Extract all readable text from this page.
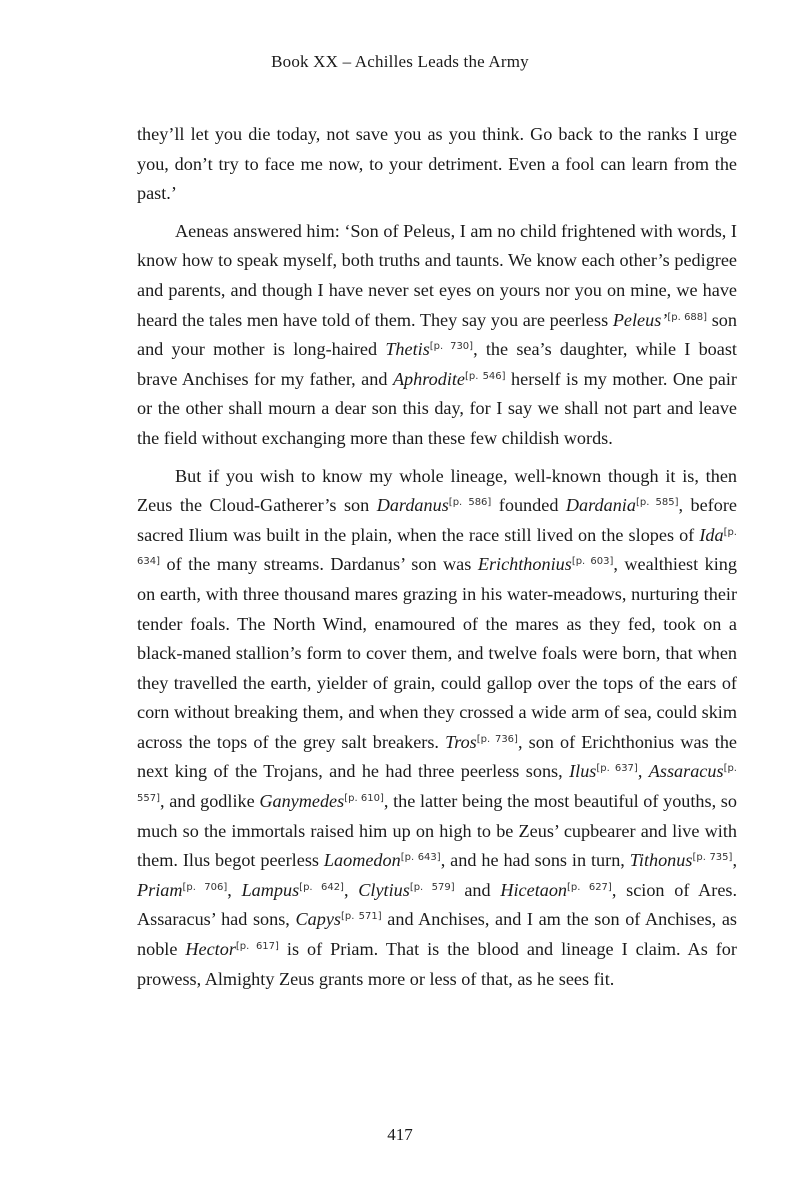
Book XX – Achilles Leads the Army

they’ll let you die today, not save you as you think. Go back to the ranks I urge you, don’t try to face me now, to your detriment. Even a fool can learn from the past.’

Aeneas answered him: ‘Son of Peleus, I am no child frightened with words, I know how to speak myself, both truths and taunts. We know each other’s pedigree and parents, and though I have never set eyes on yours nor you on mine, we have heard the tales men have told of them. They say you are peerless Peleus’[p. 688] son and your mother is long-haired Thetis[p. 730], the sea’s daughter, while I boast brave Anchises for my father, and Aphrodite[p. 546] herself is my mother. One pair or the other shall mourn a dear son this day, for I say we shall not part and leave the field without exchanging more than these few childish words.

But if you wish to know my whole lineage, well-known though it is, then Zeus the Cloud-Gatherer’s son Dardanus[p. 586] founded Dardania[p. 585], before sacred Ilium was built in the plain, when the race still lived on the slopes of Ida[p. 634] of the many streams. Dardanus’ son was Erichthonius[p. 603], wealthiest king on earth, with three thousand mares grazing in his water-meadows, nurturing their tender foals. The North Wind, enamoured of the mares as they fed, took on a black-maned stallion’s form to cover them, and twelve foals were born, that when they travelled the earth, yielder of grain, could gallop over the tops of the ears of corn without breaking them, and when they crossed a wide arm of sea, could skim across the tops of the grey salt breakers. Tros[p. 736], son of Erichthonius was the next king of the Trojans, and he had three peerless sons, Ilus[p. 637], Assaracus[p. 557], and godlike Ganymedes[p. 610], the latter being the most beautiful of youths, so much so the immortals raised him up on high to be Zeus’ cupbearer and live with them. Ilus begot peerless Laomedon[p. 643], and he had sons in turn, Tithonus[p. 735], Priam[p. 706], Lampus[p. 642], Clytius[p. 579] and Hicetaon[p. 627], scion of Ares. Assaracus’ had sons, Capys[p. 571] and Anchises, and I am the son of Anchises, as noble Hector[p. 617] is of Priam. That is the blood and lineage I claim. As for prowess, Almighty Zeus grants more or less of that, as he sees fit.

417
